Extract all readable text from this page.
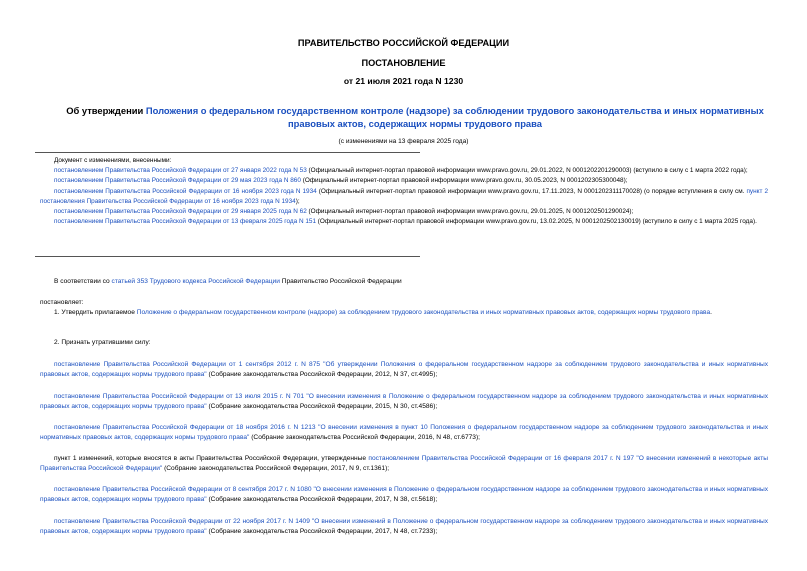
ПРАВИТЕЛЬСТВО РОССИЙСКОЙ ФЕДЕРАЦИИ
ПОСТАНОВЛЕНИЕ
от 21 июля 2021 года N 1230
Об утверждении Положения о федеральном государственном контроле (надзоре) за соблюдении трудового законодательства и иных нормативных правовых актов, содержащих нормы трудового права
(с изменениями на 13 февраля 2025 года)

Документ с изменениями, внесенными:

постановлением Правительства Российской Федерации от 27 января 2022 года N 53 (Официальный интернет-портал правовой информации www.pravo.gov.ru, 29.01.2022, N 0001202201290003) (вступило в силу с 1 марта 2022 года);

постановлением Правительства Российской Федерации от 29 мая 2023 года N 860 (Официальный интернет-портал правовой информации www.pravo.gov.ru, 30.05.2023, N 0001202305300048);

постановлением Правительства Российской Федерации от 16 ноября 2023 года N 1934 (Официальный интернет-портал правовой информации www.pravo.gov.ru, 17.11.2023, N 0001202311170028) (о порядке вступления в силу см. пункт 2 постановления Правительства Российской Федерации от 16 ноября 2023 года N 1934);

постановлением Правительства Российской Федерации от 29 января 2025 года N 62 (Официальный интернет-портал правовой информации www.pravo.gov.ru, 29.01.2025, N 0001202501290024);

постановлением Правительства Российской Федерации от 13 февраля 2025 года N 151 (Официальный интернет-портал правовой информации www.pravo.gov.ru, 13.02.2025, N 0001202502130019) (вступило в силу с 1 марта 2025 года).

В соответствии со статьей 353 Трудового кодекса Российской Федерации Правительство Российской Федерации

постановляет:

1. Утвердить прилагаемое Положение о федеральном государственном контроле (надзоре) за соблюдением трудового законодательства и иных нормативных правовых актов, содержащих нормы трудового права.

2. Признать утратившими силу:

постановление Правительства Российской Федерации от 1 сентября 2012 г. N 875 "Об утверждении Положения о федеральном государственном надзоре за соблюдением трудового законодательства и иных нормативных правовых актов, содержащих нормы трудового права" (Собрание законодательства Российской Федерации, 2012, N 37, ст.4995);

постановление Правительства Российской Федерации от 13 июля 2015 г. N 701 "О внесении изменения в Положение о федеральном государственном надзоре за соблюдением трудового законодательства и иных нормативных правовых актов, содержащих нормы трудового права" (Собрание законодательства Российской Федерации, 2015, N 30, ст.4586);

постановление Правительства Российской Федерации от 18 ноября 2016 г. N 1213 "О внесении изменения в пункт 10 Положения о федеральном государственном надзоре за соблюдением трудового законодательства и иных нормативных правовых актов, содержащих нормы трудового права" (Собрание законодательства Российской Федерации, 2016, N 48, ст.6773);

пункт 1 изменений, которые вносятся в акты Правительства Российской Федерации, утвержденные постановлением Правительства Российской Федерации от 16 февраля 2017 г. N 197 "О внесении изменений в некоторые акты Правительства Российской Федерации" (Собрание законодательства Российской Федерации, 2017, N 9, ст.1361);

постановление Правительства Российской Федерации от 8 сентября 2017 г. N 1080 "О внесении изменения в Положение о федеральном государственном надзоре за соблюдением трудового законодательства и иных нормативных правовых актов, содержащих нормы трудового права" (Собрание законодательства Российской Федерации, 2017, N 38, ст.5618);

постановление Правительства Российской Федерации от 22 ноября 2017 г. N 1409 "О внесении изменений в Положение о федеральном государственном надзоре за соблюдением трудового законодательства и иных нормативных правовых актов, содержащих нормы трудового права" (Собрание законодательства Российской Федерации, 2017, N 48, ст.7233);
